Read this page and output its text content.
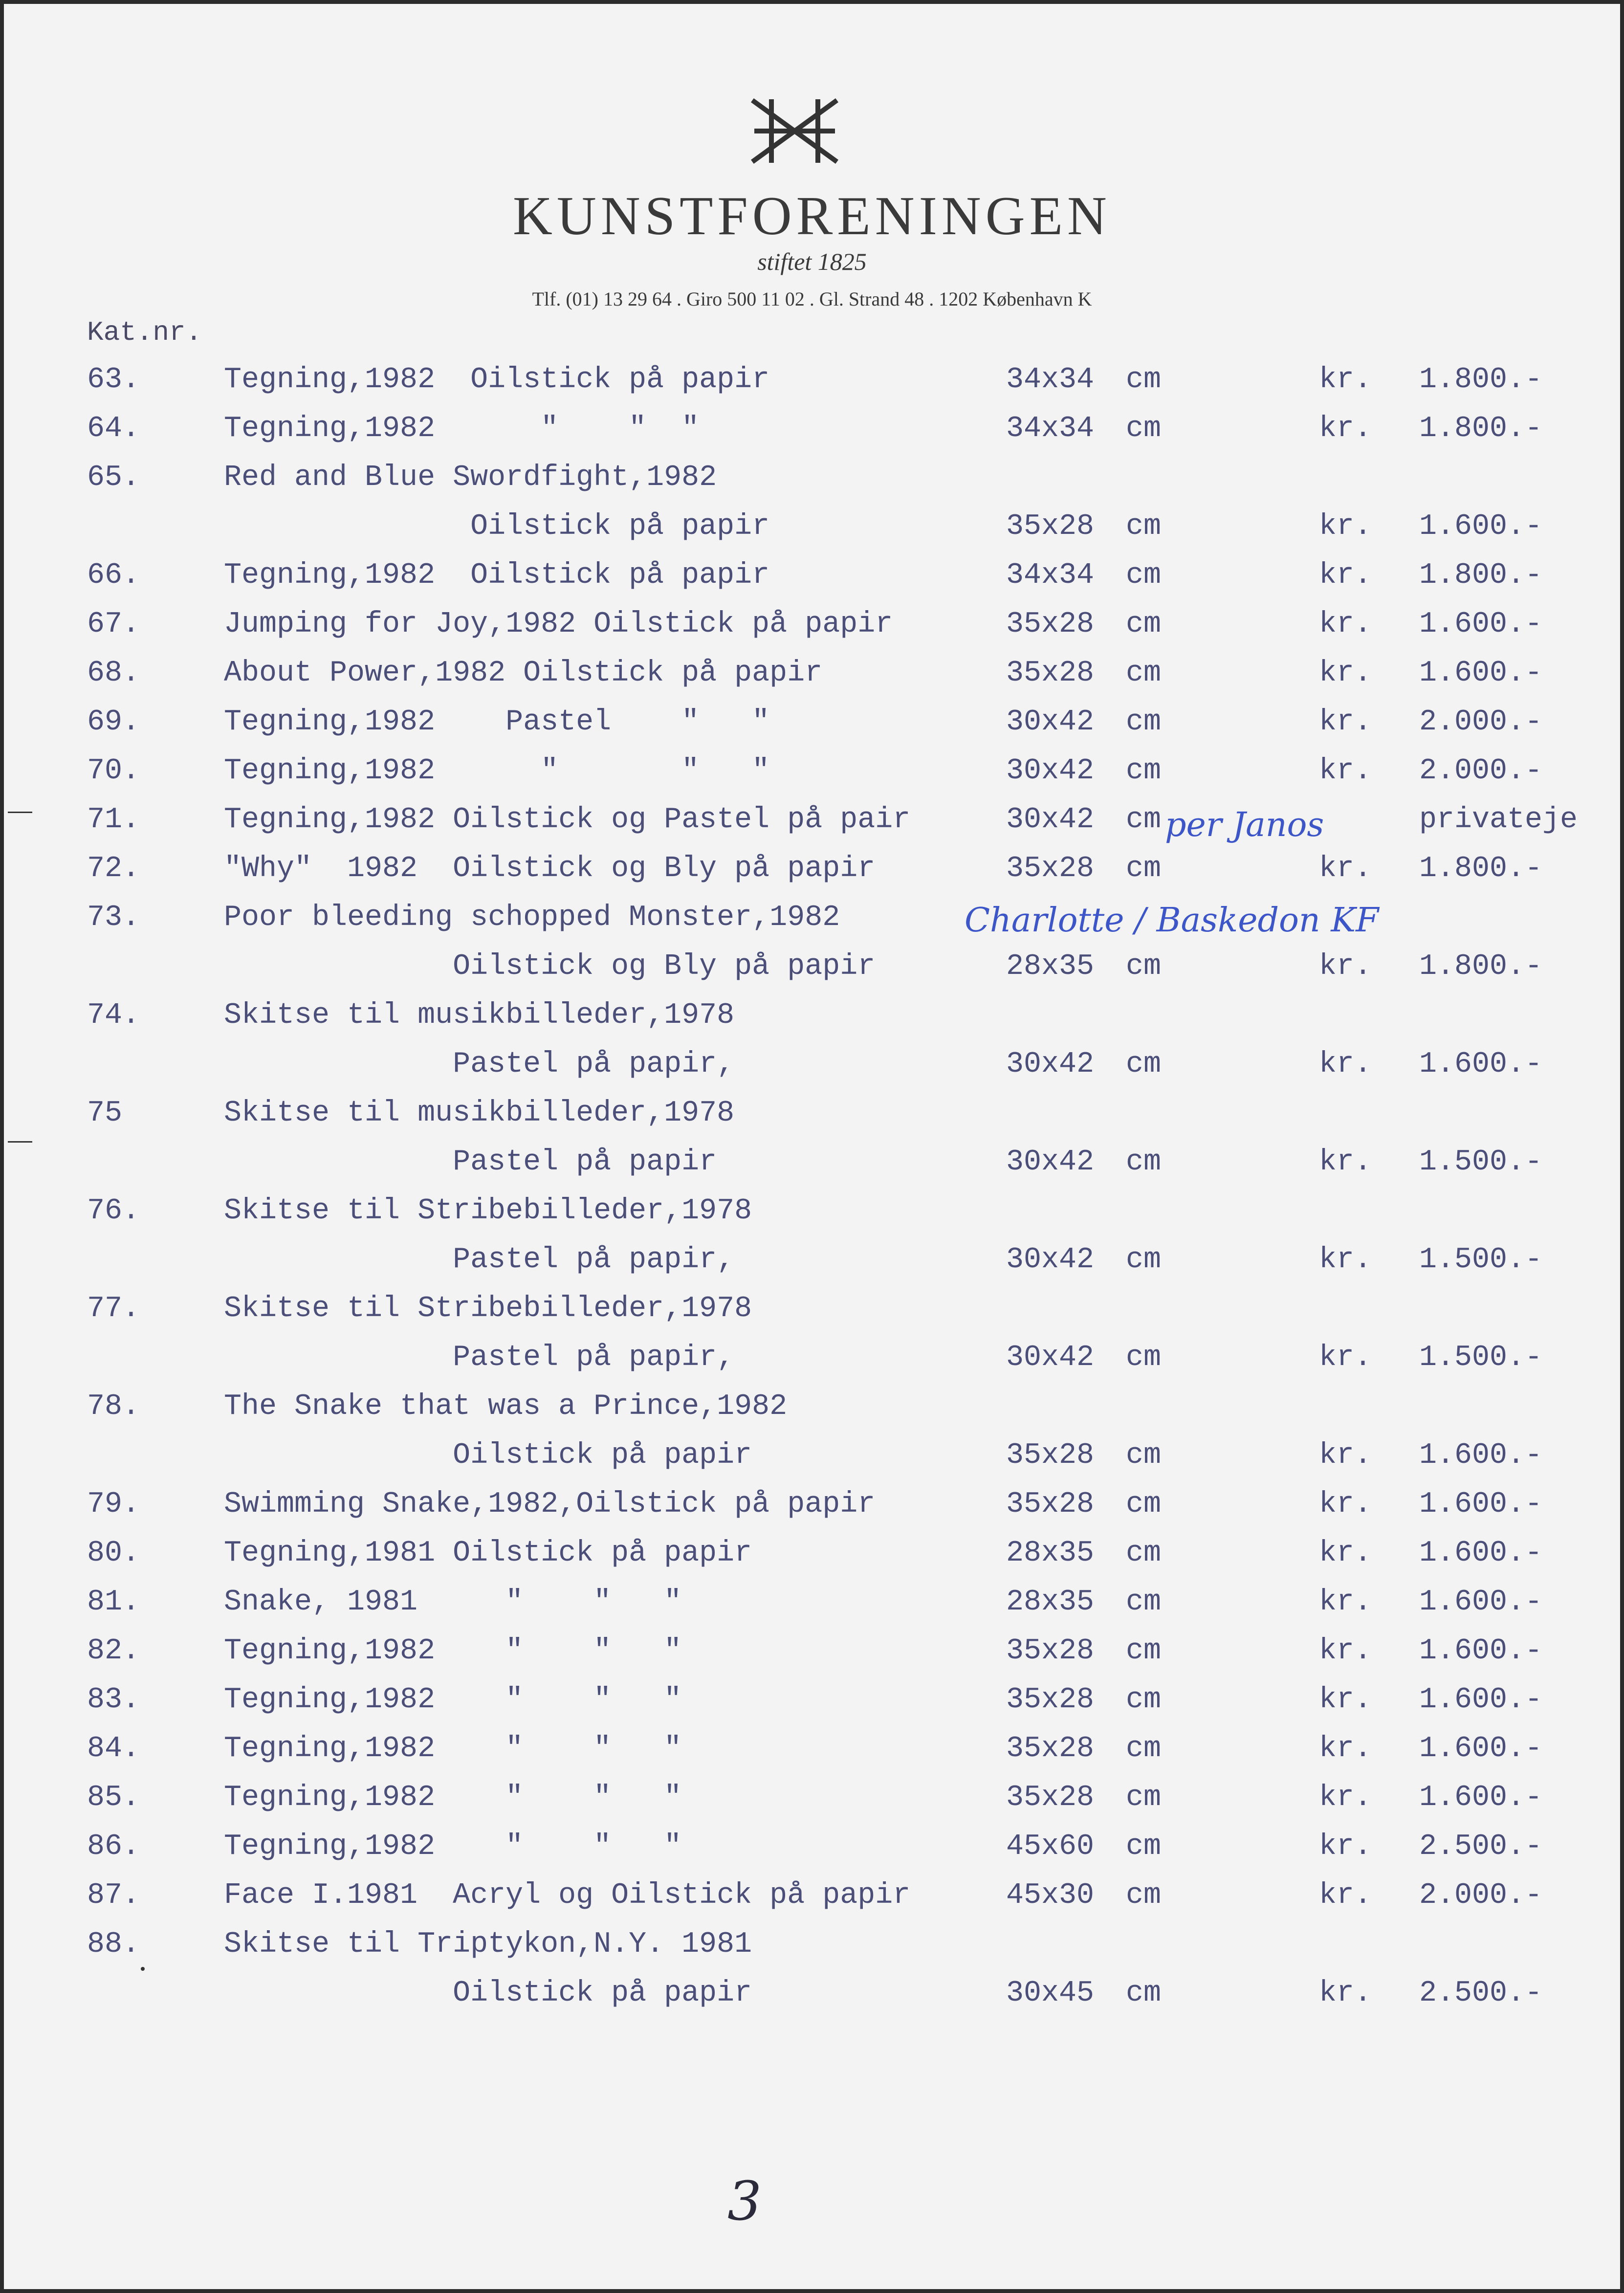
KUNSTFORENINGEN
stiftet 1825
Tlf. (01) 13 29 64 . Giro 500 11 02 . Gl. Strand 48 . 1202 København K
Kat.nr.
63.	Tegning,1982  Oilstick på papir	34x34 cm	kr. 1.800.-
64.	Tegning,1982      "    "  "	34x34 cm	kr. 1.800.-
65.	Red and Blue Swordfight,1982
Oilstick på papir	35x28 cm	kr. 1.600.-
66.	Tegning,1982  Oilstick på papir	34x34 cm	kr. 1.800.-
67.	Jumping for Joy,1982 Oilstick på papir	35x28 cm	kr. 1.600.-
68.	About Power,1982 Oilstick på papir	35x28 cm	kr. 1.600.-
69.	Tegning,1982    Pastel    "   "	30x42 cm	kr. 2.000.-
70.	Tegning,1982      "       "   "	30x42 cm	kr. 2.000.-
71.	Tegning,1982 Oilstick og Pastel på pair	30x42 cm	privateje
72.	"Why"  1982  Oilstick og Bly på papir	35x28 cm	kr. 1.800.-
73.	Poor bleeding schopped Monster,1982
Oilstick og Bly på papir	28x35 cm	kr. 1.800.-
74.	Skitse til musikbilleder,1978
Pastel på papir,	30x42 cm	kr. 1.600.-
75	Skitse til musikbilleder,1978
Pastel på papir	30x42 cm	kr. 1.500.-
76.	Skitse til Stribebilleder,1978
Pastel på papir,	30x42 cm	kr. 1.500.-
77.	Skitse til Stribebilleder,1978
Pastel på papir,	30x42 cm	kr. 1.500.-
78.	The Snake that was a Prince,1982
Oilstick på papir	35x28 cm	kr. 1.600.-
79.	Swimming Snake,1982,Oilstick på papir	35x28 cm	kr. 1.600.-
80.	Tegning,1981 Oilstick på papir	28x35 cm	kr. 1.600.-
81.	Snake, 1981     "    "   "	28x35 cm	kr. 1.600.-
82.	Tegning,1982    "    "   "	35x28 cm	kr. 1.600.-
83.	Tegning,1982    "    "   "	35x28 cm	kr. 1.600.-
84.	Tegning,1982    "    "   "	35x28 cm	kr. 1.600.-
85.	Tegning,1982    "    "   "	35x28 cm	kr. 1.600.-
86.	Tegning,1982    "    "   "	45x60 cm	kr. 2.500.-
87.	Face I.1981  Acryl og Oilstick på papir	45x30 cm	kr. 2.000.-
88.	Skitse til Triptykon,N.Y. 1981
Oilstick på papir	30x45 cm	kr. 2.500.-
per Janos
Charlotte / Baskedon KF
3
